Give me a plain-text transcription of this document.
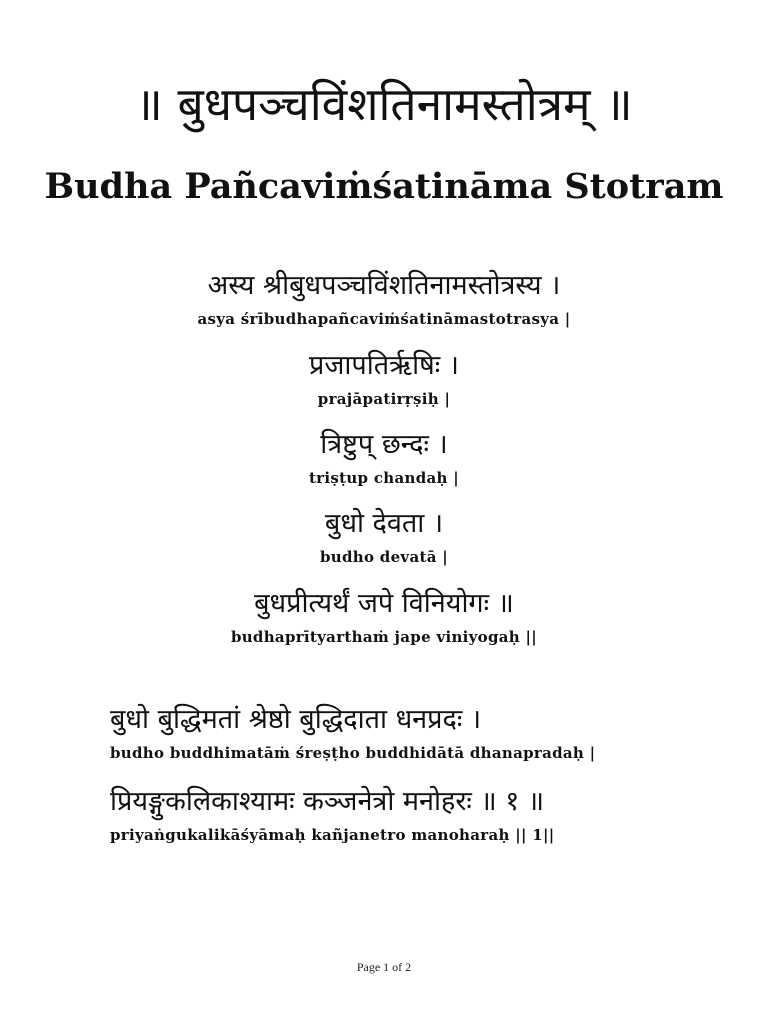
॥ बुधपञ्चविंशतिनामस्तोत्रम् ॥
Budha Pañcaviṁśatināma Stotram
अस्य श्रीबुधपञ्चविंशतिनामस्तोत्रस्य ।
asya śrībudhapañcaviṁśatināmastotrasya |
प्रजापतिर्ऋषिः ।
prajāpatirṛṣiḥ |
त्रिष्टुप् छन्दः ।
triṣṭup chandaḥ |
बुधो देवता ।
budho devatā |
बुधप्रीत्यर्थं जपे विनियोगः ॥
budhaprītyarthaṁ jape viniyogaḥ ||
बुधो बुद्धिमतां श्रेष्ठो बुद्धिदाता धनप्रदः ।
budho buddhimatāṁ śreṣṭho buddhidātā dhanapradaḥ |
प्रियङ्गुकलिकाश्यामः कञ्जनेत्रो मनोहरः ॥ १ ॥
priyaṅgukalikāśyāmaḥ kañjanetro manoharaḥ || 1||
Page 1 of 2
